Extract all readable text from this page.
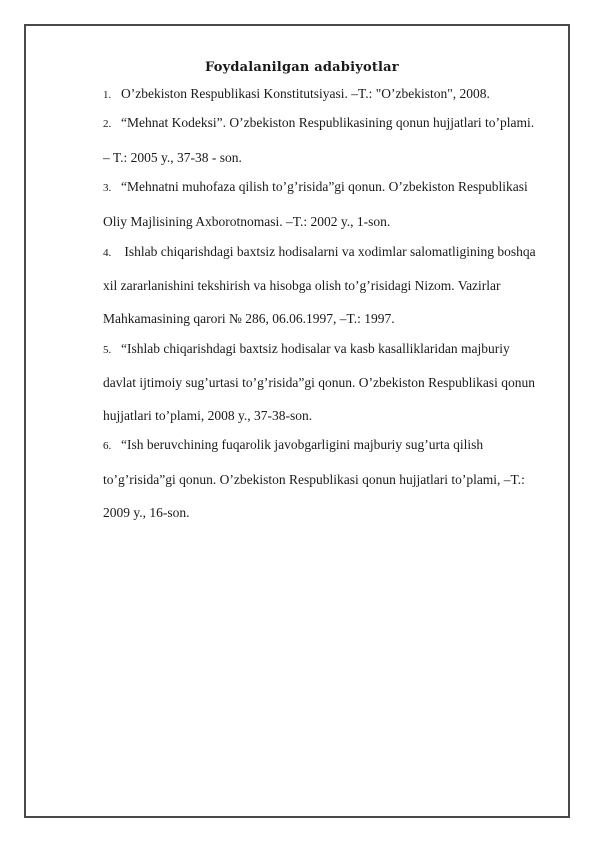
Foydalanilgan adabiyotlar
1. O’zbekiston Respublikasi Konstitutsiyasi. –T.: "O’zbekiston", 2008.
2. “Mehnat Kodeksi”. O’zbekiston Respublikasining qonun hujjatlari to’plami.
– T.: 2005 y., 37-38 - son.
3. “Mehnatni muhofaza qilish to’g’risida”gi qonun. O’zbekiston Respublikasi
Oliy Majlisining Axborotnomasi. –T.: 2002 y., 1-son.
4. Ishlab chiqarishdagi baxtsiz hodisalarni va xodimlar salomatligining boshqa
xil zararlanishini tekshirish va hisobga olish to’g’risidagi Nizom. Vazirlar
Mahkamasining qarori № 286, 06.06.1997, –T.: 1997.
5. “Ishlab chiqarishdagi baxtsiz hodisalar va kasb kasalliklaridan majburiy
davlat ijtimoiy sug’urtasi to’g’risida”gi qonun. O’zbekiston Respublikasi qonun
hujjatlari to’plami, 2008 y., 37-38-son.
6. “Ish beruvchining fuqarolik javobgarligini majburiy sug’urta qilish
to’g’risida”gi qonun. O’zbekiston Respublikasi qonun hujjatlari to’plami, –T.:
2009 y., 16-son.
